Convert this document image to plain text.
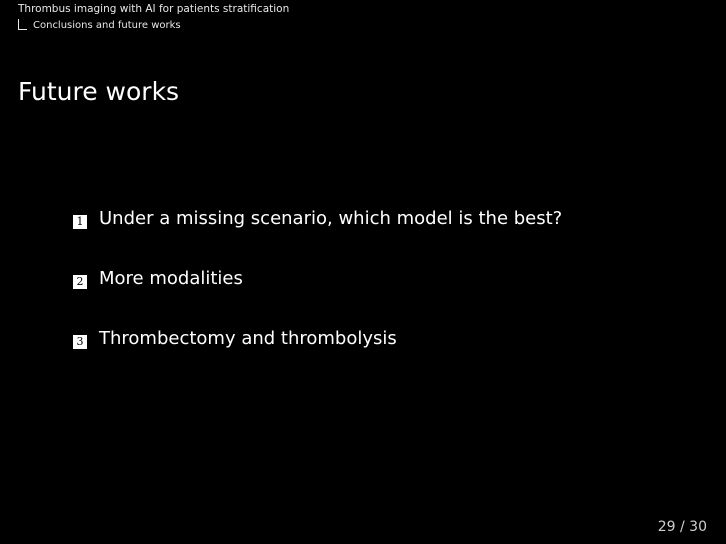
Thrombus imaging with AI for patients stratification
Conclusions and future works
Future works
1 Under a missing scenario, which model is the best?
2 More modalities
3 Thrombectomy and thrombolysis
29 / 30
